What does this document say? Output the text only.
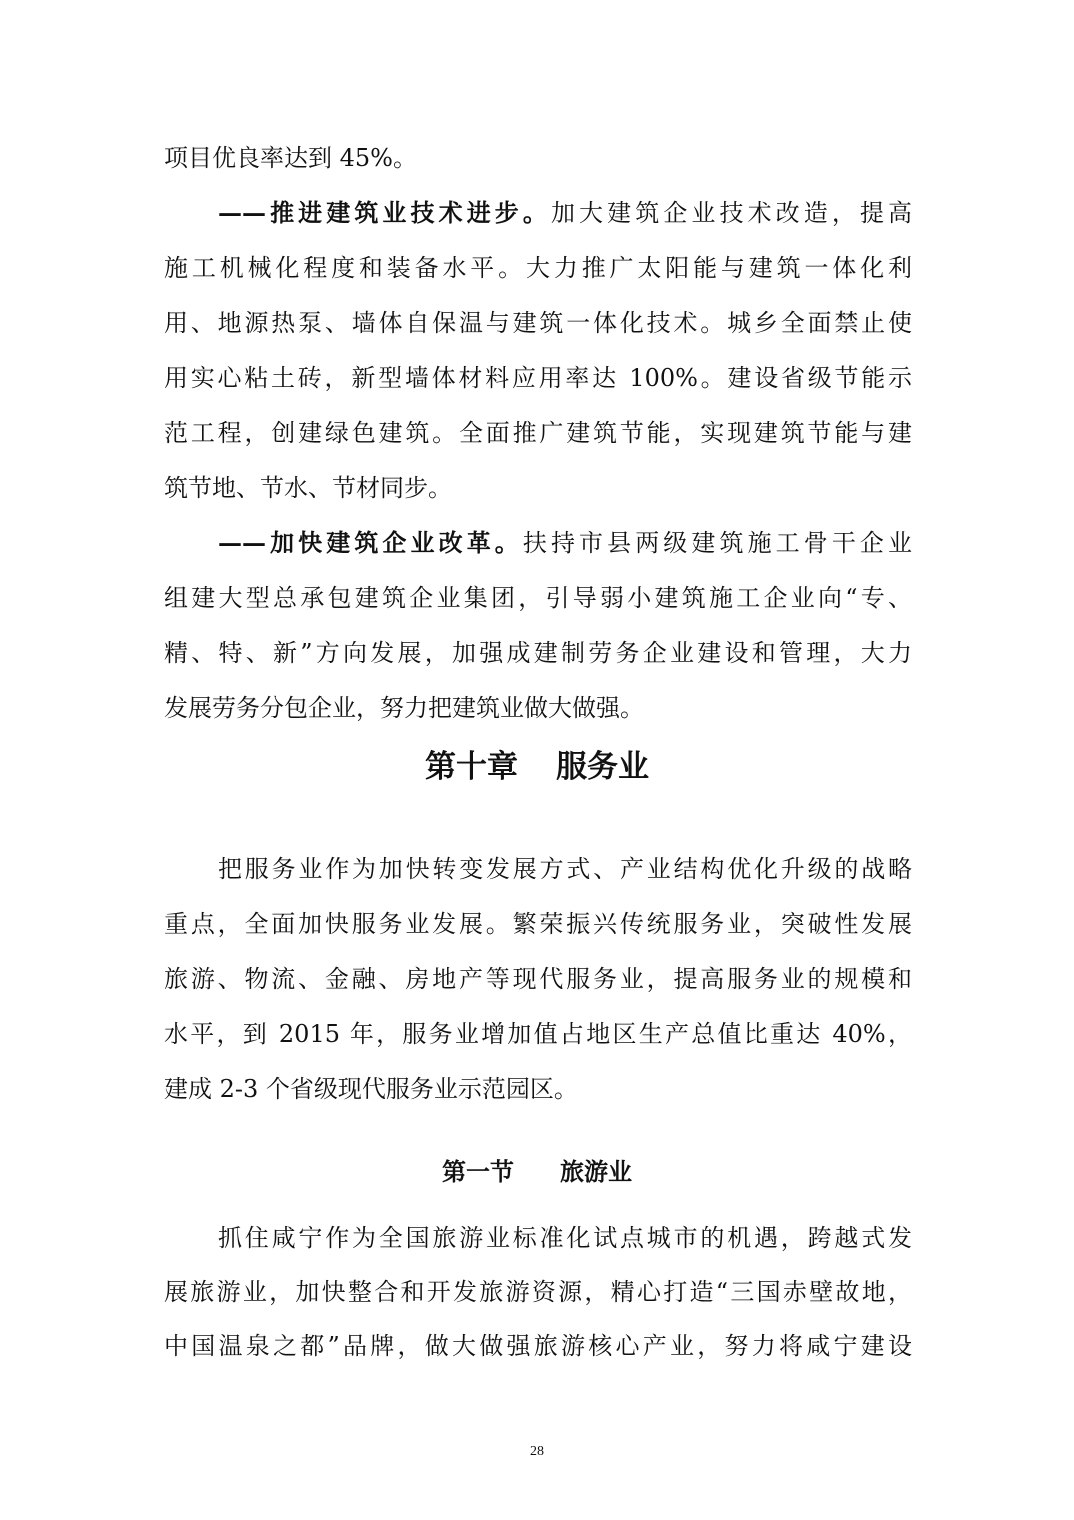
项目优良率达到 45%。
——推进建筑业技术进步。加大建筑企业技术改造，提高
施工机械化程度和装备水平。大力推广太阳能与建筑一体化利
用、地源热泵、墙体自保温与建筑一体化技术。城乡全面禁止使
用实心粘土砖，新型墙体材料应用率达 100%。建设省级节能示
范工程，创建绿色建筑。全面推广建筑节能，实现建筑节能与建
筑节地、节水、节材同步。
——加快建筑企业改革。扶持市县两级建筑施工骨干企业
组建大型总承包建筑企业集团，引导弱小建筑施工企业向“专、
精、特、新”方向发展，加强成建制劳务企业建设和管理，大力
发展劳务分包企业，努力把建筑业做大做强。
第十章 服务业
把服务业作为加快转变发展方式、产业结构优化升级的战略
重点，全面加快服务业发展。繁荣振兴传统服务业，突破性发展
旅游、物流、金融、房地产等现代服务业，提高服务业的规模和
水平，到 2015 年，服务业增加值占地区生产总值比重达 40%，
建成 2-3 个省级现代服务业示范园区。
第一节 旅游业
抓住咸宁作为全国旅游业标准化试点城市的机遇，跨越式发
展旅游业，加快整合和开发旅游资源，精心打造“三国赤壁故地，
中国温泉之都”品牌，做大做强旅游核心产业，努力将咸宁建设
28
